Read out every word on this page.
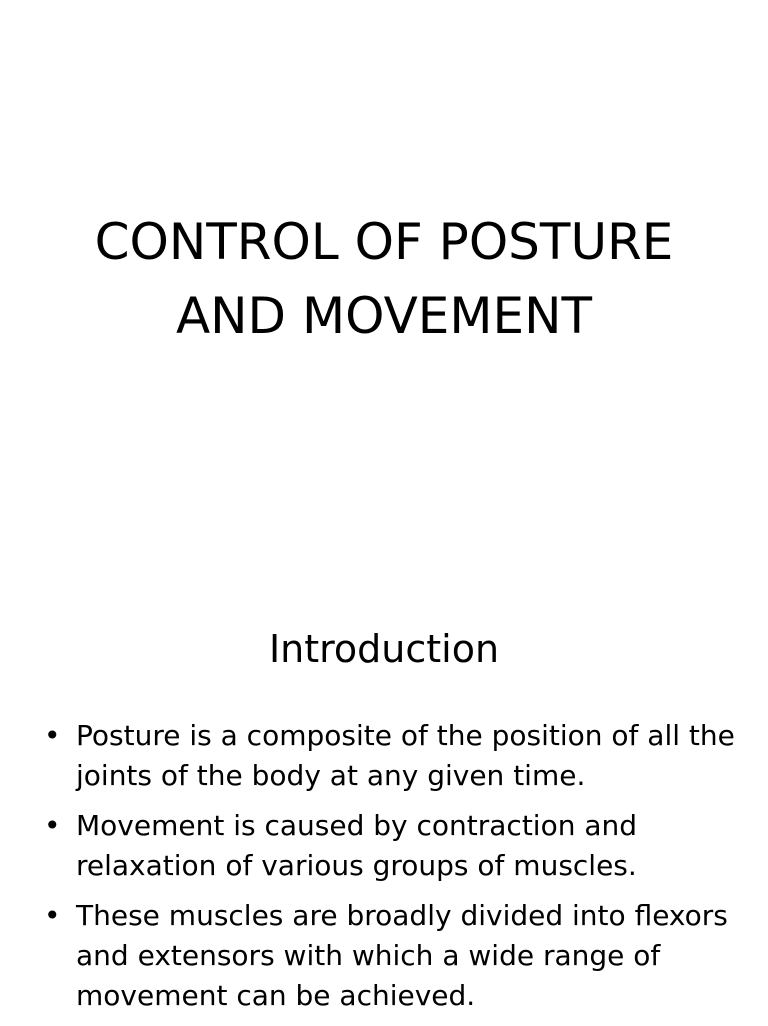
CONTROL OF POSTURE
AND MOVEMENT
Introduction
• Posture is a composite of the position of all the joints of the body at any given time.
• Movement is caused by contraction and relaxation of various groups of muscles.
• These muscles are broadly divided into flexors and extensors with which a wide range of movement can be achieved.
